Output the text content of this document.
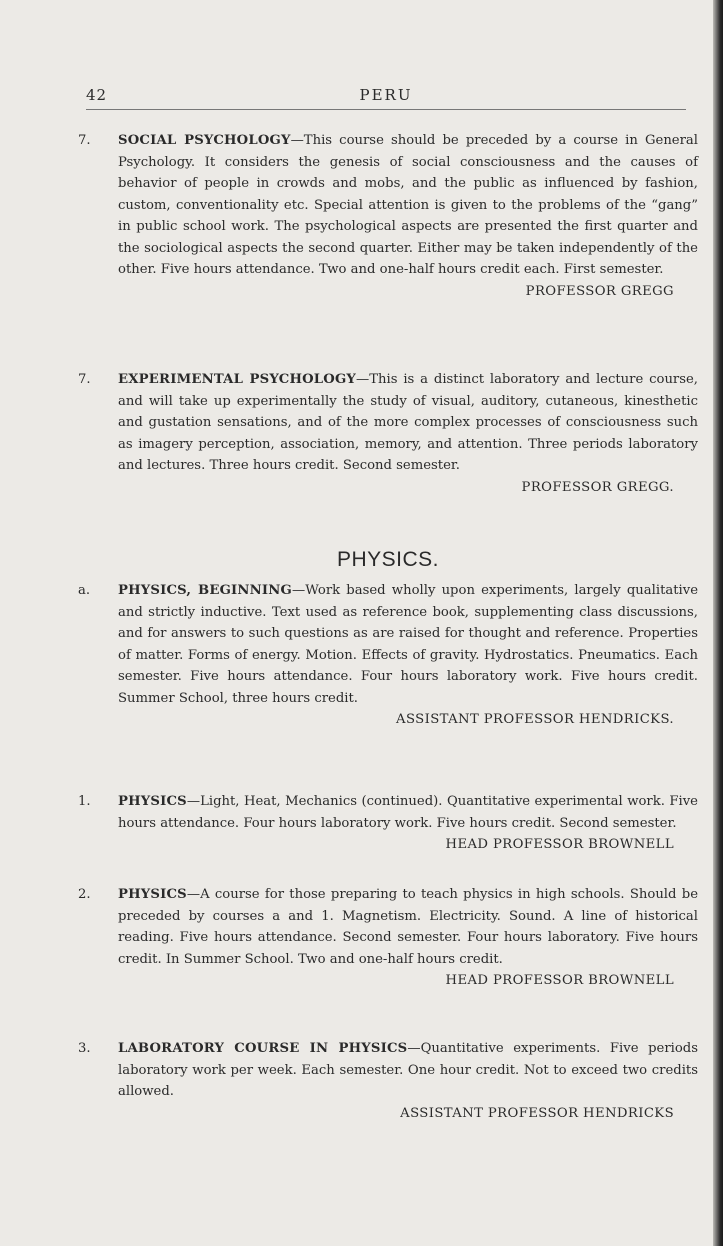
42	PERU
7.	SOCIAL PSYCHOLOGY—This course should be preceded by a course in General Psychology. It considers the genesis of social consciousness and the causes of behavior of people in crowds and mobs, and the public as influenced by fashion, custom, conventionality etc. Special attention is given to the problems of the “gang” in public school work. The psychological aspects are presented the first quarter and the sociological aspects the second quarter. Either may be taken independently of the other. Five hours attendance. Two and one-half hours credit each. First semester.
PROFESSOR GREGG
7.	EXPERIMENTAL PSYCHOLOGY—This is a distinct laboratory and lecture course, and will take up experimentally the study of visual, auditory, cutaneous, kinesthetic and gustation sensations, and of the more complex processes of consciousness such as imagery perception, association, memory, and attention. Three periods laboratory and lectures. Three hours credit. Second semester.
PROFESSOR GREGG.
PHYSICS.
a.	PHYSICS, BEGINNING—Work based wholly upon experiments, largely qualitative and strictly inductive. Text used as reference book, supplementing class discussions, and for answers to such questions as are raised for thought and reference. Properties of matter. Forms of energy. Motion. Effects of gravity. Hydrostatics. Pneumatics. Each semester. Five hours attendance. Four hours laboratory work. Five hours credit. Summer School, three hours credit.
ASSISTANT PROFESSOR HENDRICKS.
1.	PHYSICS—Light, Heat, Mechanics (continued). Quantitative experimental work. Five hours attendance. Four hours laboratory work. Five hours credit. Second semester.
HEAD PROFESSOR BROWNELL
2.	PHYSICS—A course for those preparing to teach physics in high schools. Should be preceded by courses a and 1. Magnetism. Electricity. Sound. A line of historical reading. Five hours attendance. Second semester. Four hours laboratory. Five hours credit. In Summer School. Two and one-half hours credit.
HEAD PROFESSOR BROWNELL
3.	LABORATORY COURSE IN PHYSICS—Quantitative experiments. Five periods laboratory work per week. Each semester. One hour credit. Not to exceed two credits allowed.
ASSISTANT PROFESSOR HENDRICKS
